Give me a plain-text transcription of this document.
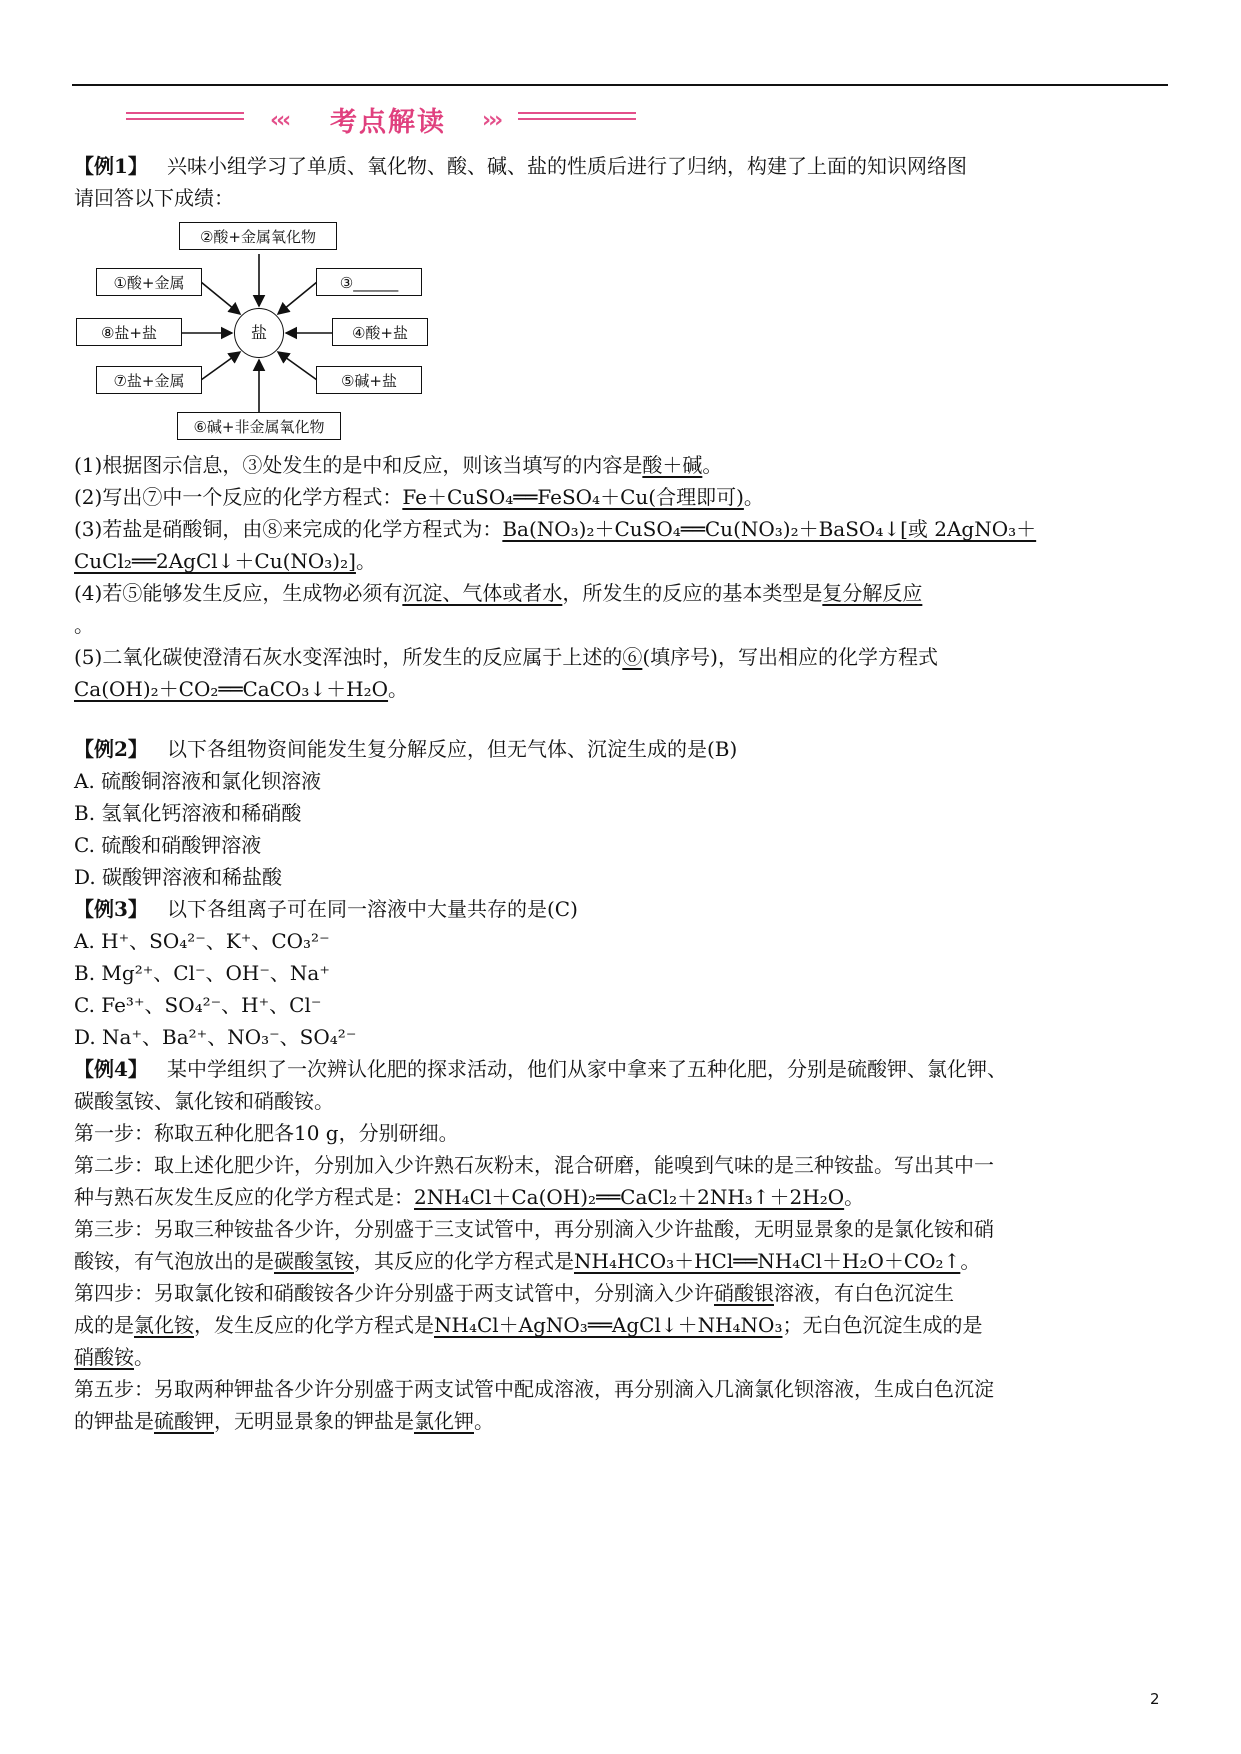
‹‹‹ 考点解读 ›››

【例1】 兴味小组学习了单质、氧化物、酸、碱、盐的性质后进行了归纳，构建了上面的知识网络图

请回答以下成绩：

②酸+金属氧化物
①酸+金属
⑧盐+盐
⑦盐+金属
③______
④酸+盐
⑤碱+盐
⑥碱+非金属氧化物
盐

(1)根据图示信息，③处发生的是中和反应，则该当填写的内容是酸＋碱。

(2)写出⑦中一个反应的化学方程式：Fe＋CuSO₄══FeSO₄＋Cu(合理即可)。

(3)若盐是硝酸铜，由⑧来完成的化学方程式为：Ba(NO₃)₂＋CuSO₄══Cu(NO₃)₂＋BaSO₄↓[或 2AgNO₃＋

CuCl₂══2AgCl↓＋Cu(NO₃)₂]。

(4)若⑤能够发生反应，生成物必须有沉淀、气体或者水，所发生的反应的基本类型是复分解反应

。

(5)二氧化碳使澄清石灰水变浑浊时，所发生的反应属于上述的⑥(填序号)，写出相应的化学方程式

Ca(OH)₂＋CO₂══CaCO₃↓＋H₂O。

【例2】 以下各组物资间能发生复分解反应，但无气体、沉淀生成的是(B)

A. 硫酸铜溶液和氯化钡溶液

B. 氢氧化钙溶液和稀硝酸

C. 硫酸和硝酸钾溶液

D. 碳酸钾溶液和稀盐酸

【例3】 以下各组离子可在同一溶液中大量共存的是(C)

A. H⁺、SO₄²⁻、K⁺、CO₃²⁻

B. Mg²⁺、Cl⁻、OH⁻、Na⁺

C. Fe³⁺、SO₄²⁻、H⁺、Cl⁻

D. Na⁺、Ba²⁺、NO₃⁻、SO₄²⁻

【例4】 某中学组织了一次辨认化肥的探求活动，他们从家中拿来了五种化肥，分别是硫酸钾、氯化钾、

碳酸氢铵、氯化铵和硝酸铵。

第一步：称取五种化肥各10 g，分别研细。

第二步：取上述化肥少许，分别加入少许熟石灰粉末，混合研磨，能嗅到气味的是三种铵盐。写出其中一

种与熟石灰发生反应的化学方程式是：2NH₄Cl＋Ca(OH)₂══CaCl₂＋2NH₃↑＋2H₂O。

第三步：另取三种铵盐各少许，分别盛于三支试管中，再分别滴入少许盐酸，无明显景象的是氯化铵和硝

酸铵，有气泡放出的是碳酸氢铵，其反应的化学方程式是NH₄HCO₃＋HCl══NH₄Cl＋H₂O＋CO₂↑。

第四步：另取氯化铵和硝酸铵各少许分别盛于两支试管中，分别滴入少许硝酸银溶液，有白色沉淀生

成的是氯化铵，发生反应的化学方程式是NH₄Cl＋AgNO₃══AgCl↓＋NH₄NO₃；无白色沉淀生成的是

硝酸铵。

第五步：另取两种钾盐各少许分别盛于两支试管中配成溶液，再分别滴入几滴氯化钡溶液，生成白色沉淀

的钾盐是硫酸钾，无明显景象的钾盐是氯化钾。

2
